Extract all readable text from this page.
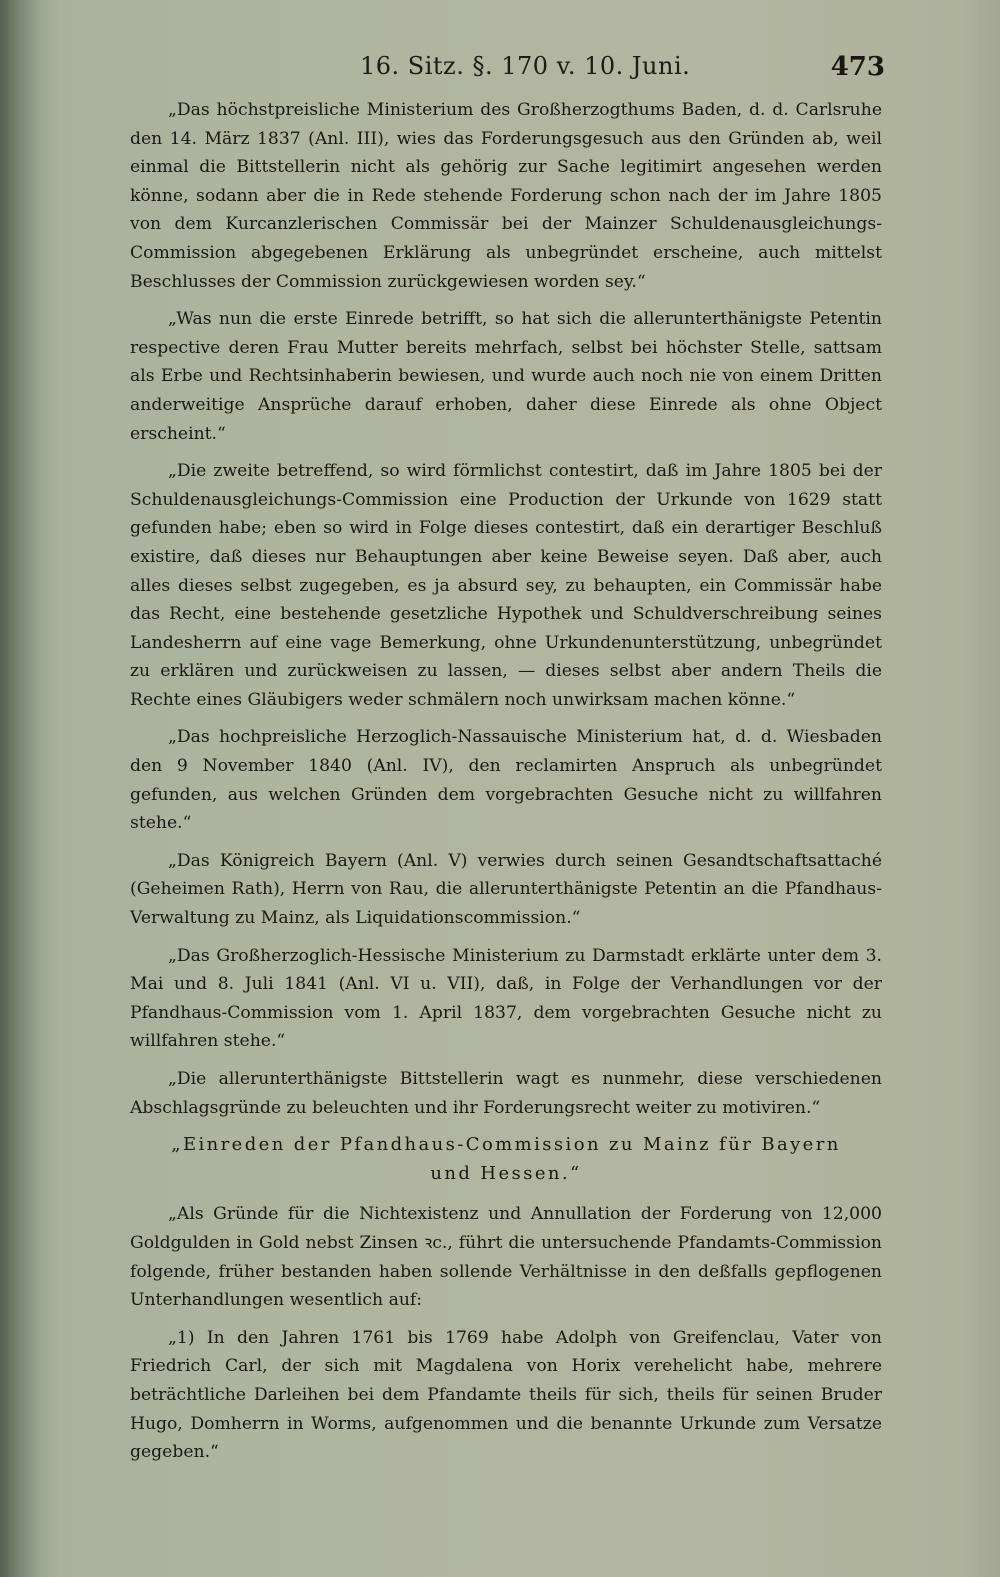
16. Sitz. §. 170 v. 10. Juni.	473

„Das höchstpreisliche Ministerium des Großherzogthums Baden, d. d. Carlsruhe den 14. März 1837 (Anl. III), wies das Forderungsgesuch aus den Gründen ab, weil einmal die Bittstellerin nicht als gehörig zur Sache legitimirt angesehen werden könne, sodann aber die in Rede stehende Forderung schon nach der im Jahre 1805 von dem Kurcanzlerischen Commissär bei der Mainzer Schuldenausgleichungs-Commission abgegebenen Erklärung als unbegründet erscheine, auch mittelst Beschlusses der Commission zurückgewiesen worden sey.“

„Was nun die erste Einrede betrifft, so hat sich die allerunterthänigste Petentin respective deren Frau Mutter bereits mehrfach, selbst bei höchster Stelle, sattsam als Erbe und Rechtsinhaberin bewiesen, und wurde auch noch nie von einem Dritten anderweitige Ansprüche darauf erhoben, daher diese Einrede als ohne Object erscheint.“

„Die zweite betreffend, so wird förmlichst contestirt, daß im Jahre 1805 bei der Schuldenausgleichungs-Commission eine Production der Urkunde von 1629 statt gefunden habe; eben so wird in Folge dieses contestirt, daß ein derartiger Beschluß existire, daß dieses nur Behauptungen aber keine Beweise seyen. Daß aber, auch alles dieses selbst zugegeben, es ja absurd sey, zu behaupten, ein Commissär habe das Recht, eine bestehende gesetzliche Hypothek und Schuldverschreibung seines Landesherrn auf eine vage Bemerkung, ohne Urkundenunterstützung, unbegründet zu erklären und zurückweisen zu lassen, — dieses selbst aber andern Theils die Rechte eines Gläubigers weder schmälern noch unwirksam machen könne.“

„Das hochpreisliche Herzoglich-Nassauische Ministerium hat, d. d. Wiesbaden den 9 November 1840 (Anl. IV), den reclamirten Anspruch als unbegründet gefunden, aus welchen Gründen dem vorgebrachten Gesuche nicht zu willfahren stehe.“

„Das Königreich Bayern (Anl. V) verwies durch seinen Gesandtschaftsattaché (Geheimen Rath), Herrn von Rau, die allerunterthänigste Petentin an die Pfandhaus-Verwaltung zu Mainz, als Liquidationscommission.“

„Das Großherzoglich-Hessische Ministerium zu Darmstadt erklärte unter dem 3. Mai und 8. Juli 1841 (Anl. VI u. VII), daß, in Folge der Verhandlungen vor der Pfandhaus-Commission vom 1. April 1837, dem vorgebrachten Gesuche nicht zu willfahren stehe.“

„Die allerunterthänigste Bittstellerin wagt es nunmehr, diese verschiedenen Abschlagsgründe zu beleuchten und ihr Forderungsrecht weiter zu motiviren.“

„Einreden der Pfandhaus-Commission zu Mainz für Bayern und Hessen.“

„Als Gründe für die Nichtexistenz und Annullation der Forderung von 12,000 Goldgulden in Gold nebst Zinsen ꝛc., führt die untersuchende Pfandamts-Commission folgende, früher bestanden haben sollende Verhältnisse in den deßfalls gepflogenen Unterhandlungen wesentlich auf:

„1) In den Jahren 1761 bis 1769 habe Adolph von Greifenclau, Vater von Friedrich Carl, der sich mit Magdalena von Horix verehelicht habe, mehrere beträchtliche Darleihen bei dem Pfandamte theils für sich, theils für seinen Bruder Hugo, Domherrn in Worms, aufgenommen und die benannte Urkunde zum Versatze gegeben.“
